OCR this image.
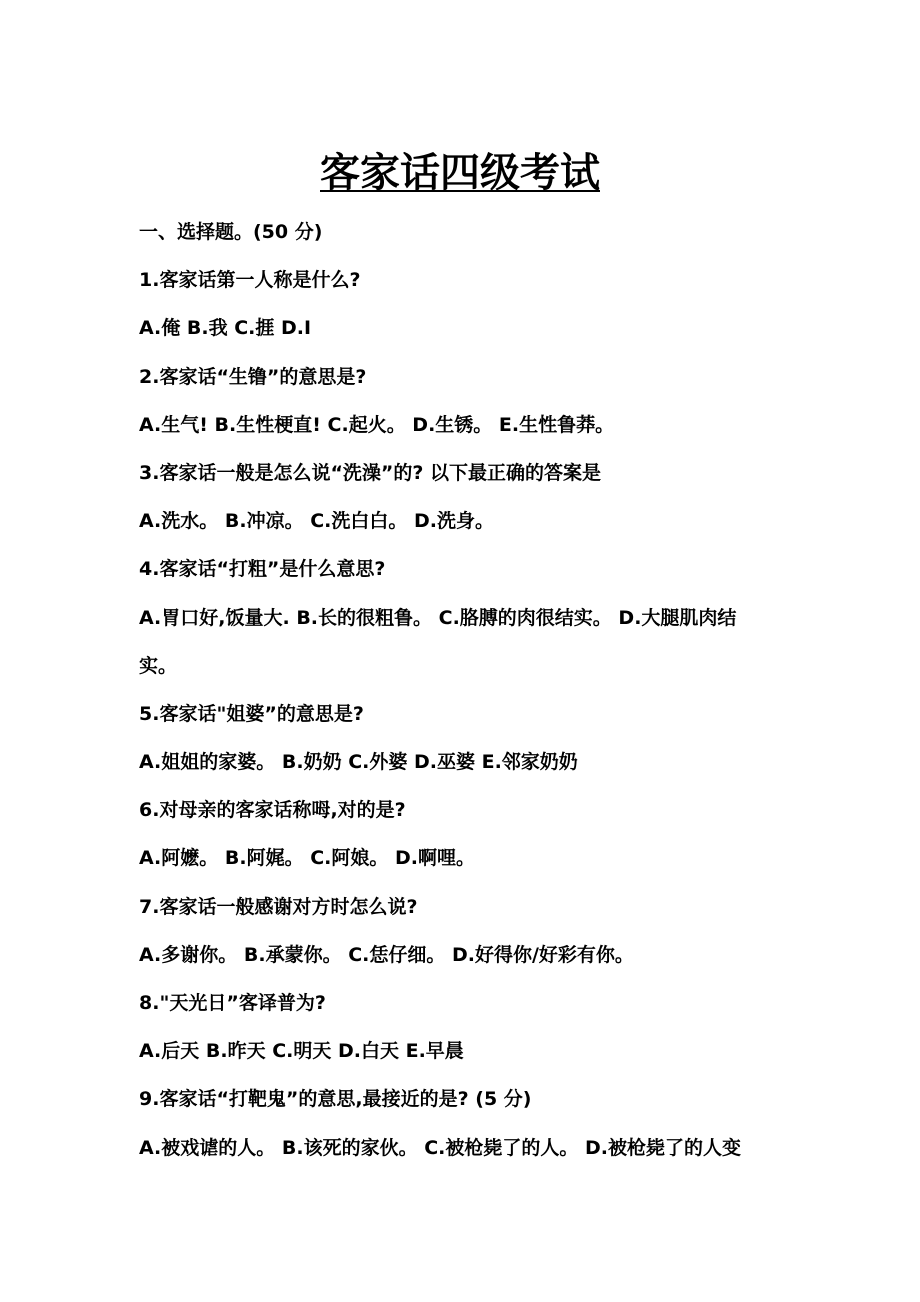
客家话四级考试
一、选择题。(50 分)
1.客家话第一人称是什么?
A.俺 B.我 C.捱 D.I
2.客家话“生镥”的意思是?
A.生气! B.生性梗直! C.起火。 D.生锈。 E.生性鲁莽。
3.客家话一般是怎么说“洗澡”的? 以下最正确的答案是
A.洗水。 B.冲凉。 C.洗白白。 D.洗身。
4.客家话“打粗”是什么意思?
A.胃口好,饭量大. B.长的很粗鲁。 C.胳膊的肉很结实。 D.大腿肌肉结
实。
5.客家话"姐婆”的意思是?
A.姐姐的家婆。 B.奶奶 C.外婆 D.巫婆 E.邻家奶奶
6.对母亲的客家话称呣,对的是?
A.阿嬷。 B.阿娓。 C.阿娘。 D.啊哩。
7.客家话一般感谢对方时怎么说?
A.多谢你。 B.承蒙你。 C.恁仔细。 D.好得你/好彩有你。
8."天光日”客译普为?
A.后天 B.昨天 C.明天 D.白天 E.早晨
9.客家话“打靶鬼”的意思,最接近的是? (5 分)
A.被戏谑的人。 B.该死的家伙。 C.被枪毙了的人。 D.被枪毙了的人变
